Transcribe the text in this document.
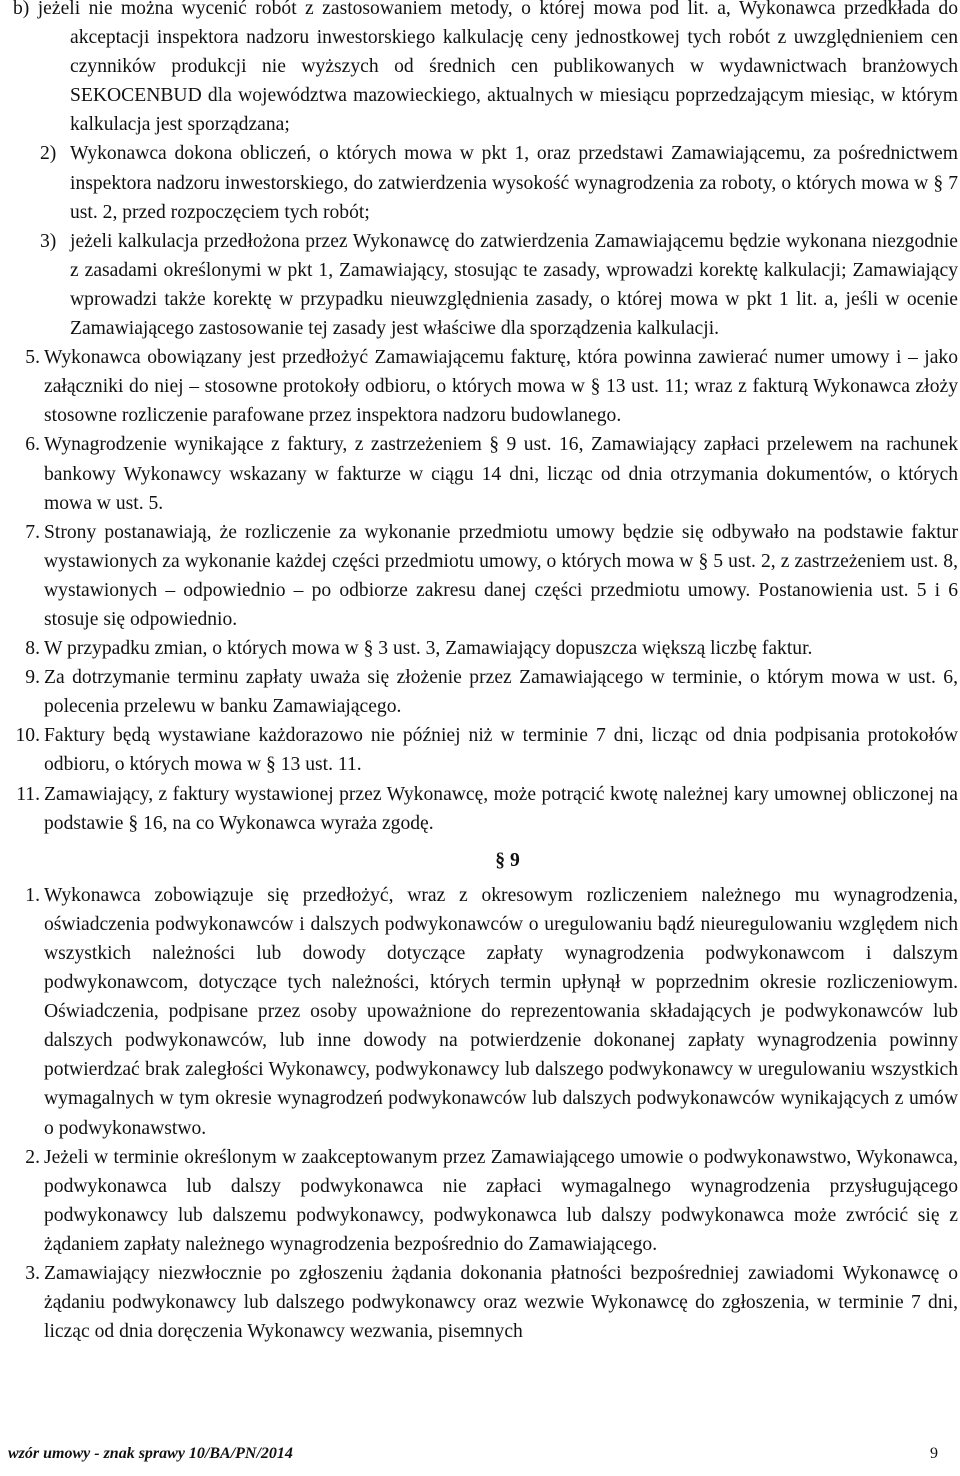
b) jeżeli nie można wycenić robót z zastosowaniem metody, o której mowa pod lit. a, Wykonawca przedkłada do akceptacji inspektora nadzoru inwestorskiego kalkulację ceny jednostkowej tych robót z uwzględnieniem cen czynników produkcji nie wyższych od średnich cen publikowanych w wydawnictwach branżowych SEKOCENBUD dla województwa mazowieckiego, aktualnych w miesiącu poprzedzającym miesiąc, w którym kalkulacja jest sporządzana;

2) Wykonawca dokona obliczeń, o których mowa w pkt 1, oraz przedstawi Zamawiającemu, za pośrednictwem inspektora nadzoru inwestorskiego, do zatwierdzenia wysokość wynagrodzenia za roboty, o których mowa w § 7 ust. 2, przed rozpoczęciem tych robót;
3) jeżeli kalkulacja przedłożona przez Wykonawcę do zatwierdzenia Zamawiającemu będzie wykonana niezgodnie z zasadami określonymi w pkt 1, Zamawiający, stosując te zasady, wprowadzi korektę kalkulacji; Zamawiający wprowadzi także korektę w przypadku nieuwzględnienia zasady, o której mowa w pkt 1 lit. a, jeśli w ocenie Zamawiającego zastosowanie tej zasady jest właściwe dla sporządzenia kalkulacji.
5. Wykonawca obowiązany jest przedłożyć Zamawiającemu fakturę, która powinna zawierać numer umowy i – jako załączniki do niej – stosowne protokoły odbioru, o których mowa w § 13 ust. 11; wraz z fakturą Wykonawca złoży stosowne rozliczenie parafowane przez inspektora nadzoru budowlanego.
6. Wynagrodzenie wynikające z faktury, z zastrzeżeniem § 9 ust. 16, Zamawiający zapłaci przelewem na rachunek bankowy Wykonawcy wskazany w fakturze w ciągu 14 dni, licząc od dnia otrzymania dokumentów, o których mowa w ust. 5.
7. Strony postanawiają, że rozliczenie za wykonanie przedmiotu umowy będzie się odbywało na podstawie faktur wystawionych za wykonanie każdej części przedmiotu umowy, o których mowa w § 5 ust. 2, z zastrzeżeniem ust. 8, wystawionych – odpowiednio – po odbiorze zakresu danej części przedmiotu umowy. Postanowienia ust. 5 i 6 stosuje się odpowiednio.
8. W przypadku zmian, o których mowa w § 3 ust. 3, Zamawiający dopuszcza większą liczbę faktur.
9. Za dotrzymanie terminu zapłaty uważa się złożenie przez Zamawiającego w terminie, o którym mowa w ust. 6, polecenia przelewu w banku Zamawiającego.
10. Faktury będą wystawiane każdorazowo nie później niż w terminie 7 dni, licząc od dnia podpisania protokołów odbioru, o których mowa w § 13 ust. 11.
11. Zamawiający, z faktury wystawionej przez Wykonawcę, może potrącić kwotę należnej kary umownej obliczonej na podstawie § 16, na co Wykonawca wyraża zgodę.

§ 9

1. Wykonawca zobowiązuje się przedłożyć, wraz z okresowym rozliczeniem należnego mu wynagrodzenia, oświadczenia podwykonawców i dalszych podwykonawców o uregulowaniu bądź nieuregulowaniu względem nich wszystkich należności lub dowody dotyczące zapłaty wynagrodzenia podwykonawcom i dalszym podwykonawcom, dotyczące tych należności, których termin upłynął w poprzednim okresie rozliczeniowym. Oświadczenia, podpisane przez osoby upoważnione do reprezentowania składających je podwykonawców lub dalszych podwykonawców, lub inne dowody na potwierdzenie dokonanej zapłaty wynagrodzenia powinny potwierdzać brak zaległości Wykonawcy, podwykonawcy lub dalszego podwykonawcy w uregulowaniu wszystkich wymagalnych w tym okresie wynagrodzeń podwykonawców lub dalszych podwykonawców wynikających z umów o podwykonawstwo.
2. Jeżeli w terminie określonym w zaakceptowanym przez Zamawiającego umowie o podwykonawstwo, Wykonawca, podwykonawca lub dalszy podwykonawca nie zapłaci wymagalnego wynagrodzenia przysługującego podwykonawcy lub dalszemu podwykonawcy, podwykonawca lub dalszy podwykonawca może zwrócić się z żądaniem zapłaty należnego wynagrodzenia bezpośrednio do Zamawiającego.
3. Zamawiający niezwłocznie po zgłoszeniu żądania dokonania płatności bezpośredniej zawiadomi Wykonawcę o żądaniu podwykonawcy lub dalszego podwykonawcy oraz wezwie Wykonawcę do zgłoszenia, w terminie 7 dni, licząc od dnia doręczenia Wykonawcy wezwania, pisemnych
wzór umowy - znak sprawy 10/BA/PN/2014	9
